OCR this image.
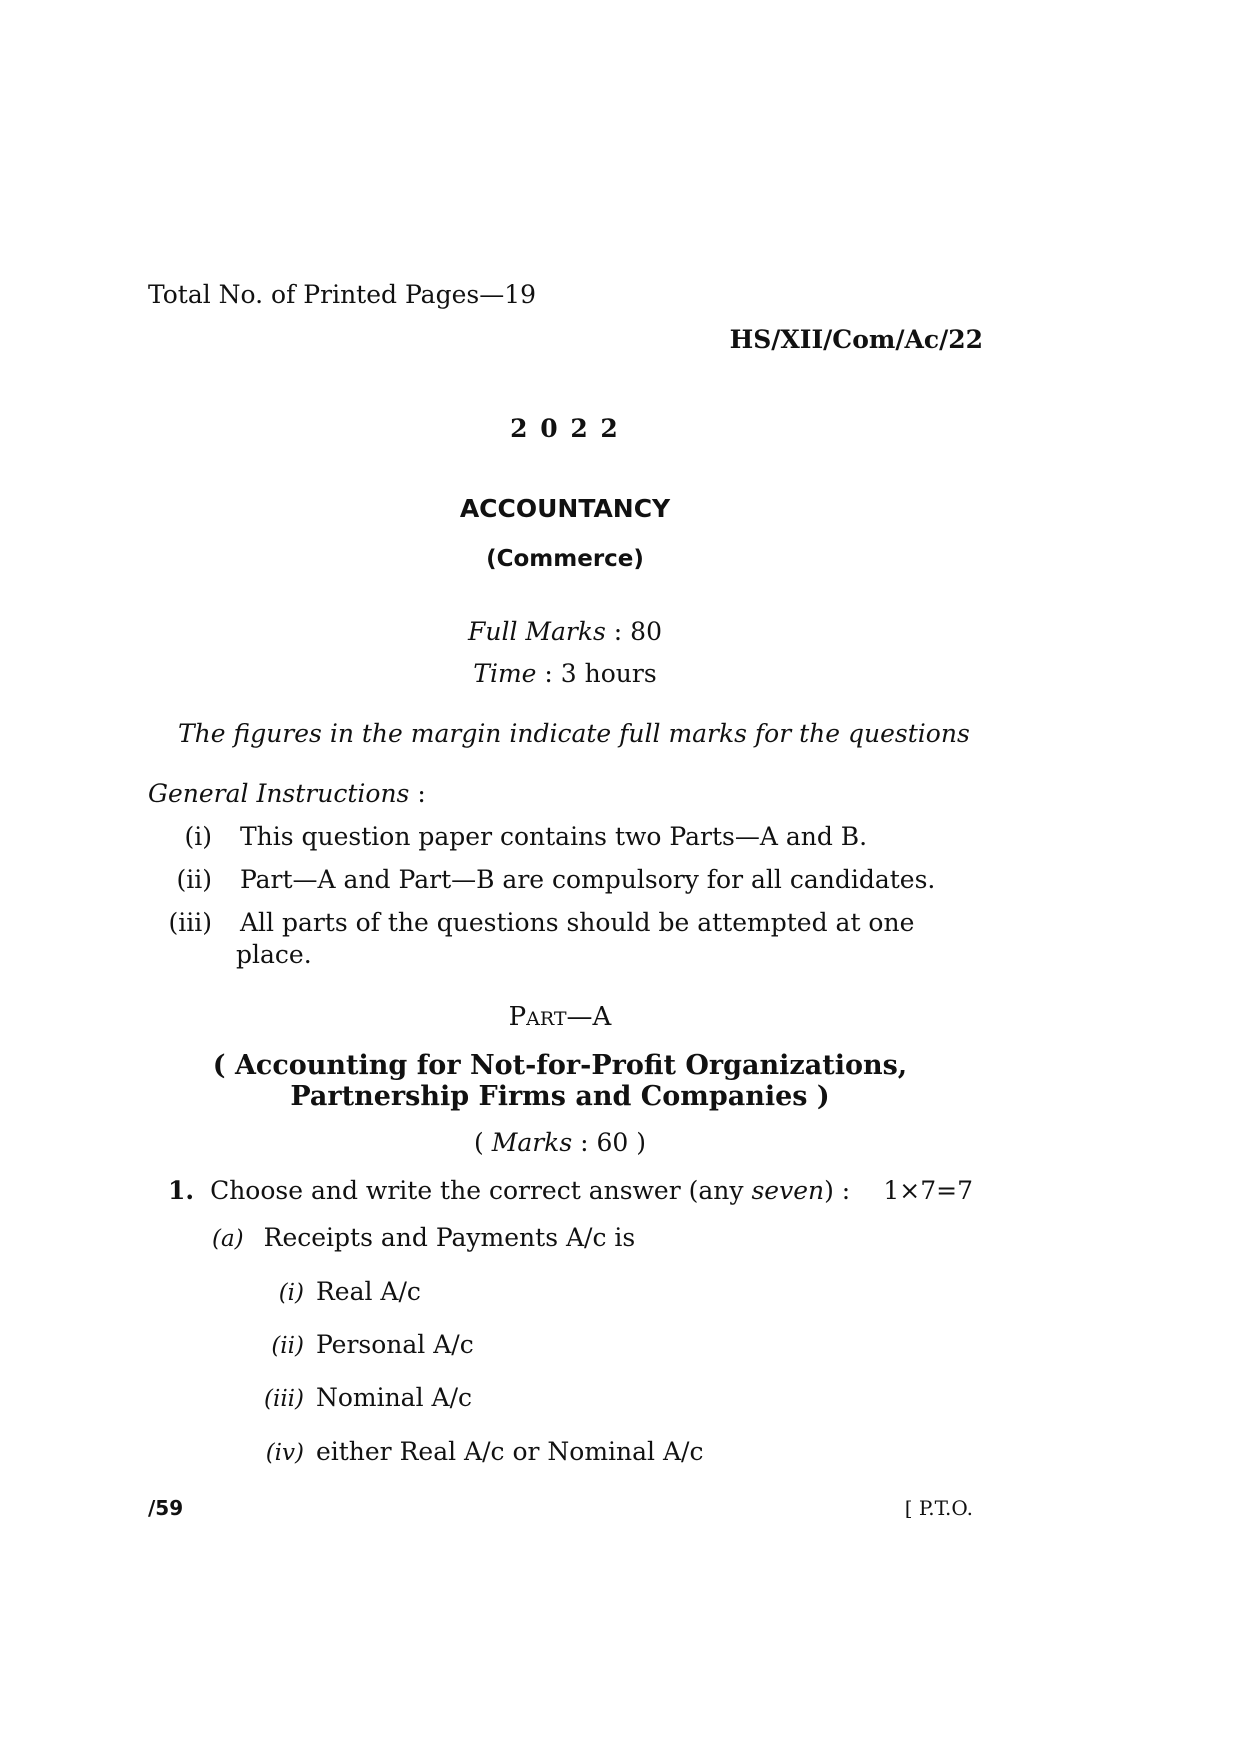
Total No. of Printed Pages—19
HS/XII/Com/Ac/22
2 0 2 2
ACCOUNTANCY
(Commerce)
Full Marks : 80
Time : 3 hours
The figures in the margin indicate full marks for the questions
General Instructions :
(i) This question paper contains two Parts—A and B.
(ii) Part—A and Part—B are compulsory for all candidates.
(iii) All parts of the questions should be attempted at one
place.
PART—A
( Accounting for Not-for-Profit Organizations,
Partnership Firms and Companies )
( Marks : 60 )
1. Choose and write the correct answer (any seven) : 1×7=7
(a) Receipts and Payments A/c is
(i) Real A/c
(ii) Personal A/c
(iii) Nominal A/c
(iv) either Real A/c or Nominal A/c
/59	[ P.T.O.
